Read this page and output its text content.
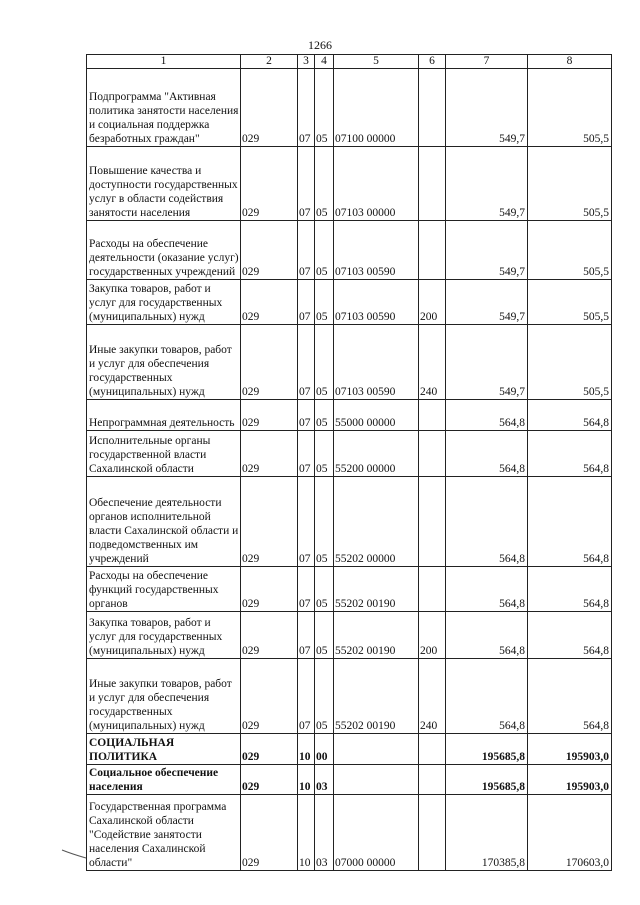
1266
1	2	3	4	5	6	7	8
Подпрограмма "Активная политика занятости населения и социальная поддержка безработных граждан"	029	07	05	07100 00000		549,7	505,5
Повышение качества и доступности государственных услуг в области содействия занятости населения	029	07	05	07103 00000		549,7	505,5
Расходы на обеспечение деятельности (оказание услуг) государственных учреждений	029	07	05	07103 00590		549,7	505,5
Закупка товаров, работ и услуг для государственных (муниципальных) нужд	029	07	05	07103 00590	200	549,7	505,5
Иные закупки товаров, работ и услуг для обеспечения государственных (муниципальных) нужд	029	07	05	07103 00590	240	549,7	505,5
Непрограммная деятельность	029	07	05	55000 00000		564,8	564,8
Исполнительные органы государственной власти Сахалинской области	029	07	05	55200 00000		564,8	564,8
Обеспечение деятельности органов исполнительной власти Сахалинской области и подведомственных им учреждений	029	07	05	55202 00000		564,8	564,8
Расходы на обеспечение функций государственных органов	029	07	05	55202 00190		564,8	564,8
Закупка товаров, работ и услуг для государственных (муниципальных) нужд	029	07	05	55202 00190	200	564,8	564,8
Иные закупки товаров, работ и услуг для обеспечения государственных (муниципальных) нужд	029	07	05	55202 00190	240	564,8	564,8
СОЦИАЛЬНАЯ ПОЛИТИКА	029	10	00			195685,8	195903,0
Социальное обеспечение населения	029	10	03			195685,8	195903,0
Государственная программа Сахалинской области "Содействие занятости населения Сахалинской области"	029	10	03	07000 00000		170385,8	170603,0
